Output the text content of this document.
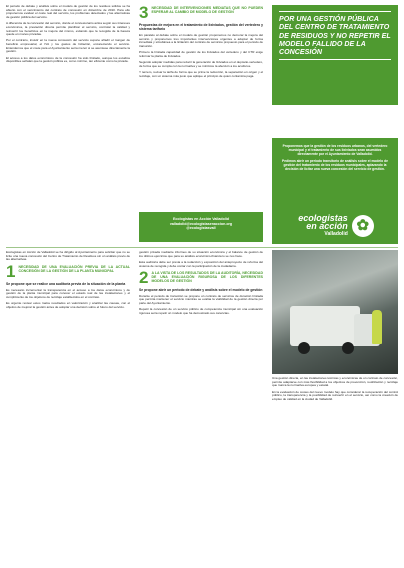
El periodo de debate y análisis sobre el modelo de gestión de los residuos sólidos se ha abierto con el vencimiento del contrato de concesión en diciembre de 2010. Para ello proponemos evaluar el coste real del servicio, los problemas detectados y las alternativas de gestión pública del servicio.

A diferencia de la concesión del servicio, donde el concesionario actúa según sus intereses económicos, la prestación directa permite planificar el servicio, controlar la calidad y reinvertir los beneficios en la mejora del mismo, evitando que la recogida de la basura quede en manos privadas.

Por el contrario, insistir en la nueva concesión del servicio supone añadir el margen de beneficio empresarial, el IVA y los gastos de licitación, encareciendo el servicio. Entendemos que el coste para el Ayuntamiento sería menor si se asumiese directamente la gestión.

El acceso a los datos económicos de la concesión ha sido limitado, aunque los estudios disponibles señalan que la gestión pública es, como mínimo, tan eficiente como la privada.

3 NECESIDAD DE INTERVENCIONES MEDIATAS QUE NO PUEDEN ESPERAR AL CAMBIO DE MODELO DE GESTIÓN
Propuestas de mejora en el tratamiento de lixiviados, gestión del vertedero y sistema tarifario

En paralelo al debate sobre el modelo de gestión proponemos no demorar la mejora del servicio y proponemos tres importantes intervenciones urgentes a adoptar de forma inmediata y simultánea a la licitación del contrato de servicios propuesto para el periodo de transición.

Primero la limitada capacidad de gestión de los lixiviados del vertedero y del CTR exige reformar la planta de lixiviados.

Segundo adoptar medidas para reducir la generación de lixiviados en el depósito-vertedero, de forma que se cumpla con la normativa y se minimice la afección a los acuíferos.

Y tercero, revisar la tarifa de forma que se prime la reducción, la separación en origen y el reciclaje, con un sistema más justo que aplique el principio de quien contamina paga.

Ecologistas en Acción Valladolid
valladolid@ecologistasenaccion.org
@ecologistasvall
POR UNA GESTIÓN PÚBLICA DEL CENTRO DE TRATAMIENTO DE RESIDUOS Y NO REPETIR EL MODELO FALLIDO DE LA CONCESIÓN

Proponemos que la gestión de los residuos urbanos, del vertedero municipal y el tratamiento de sus lixiviados sean asumidos directamente por el Ayuntamiento de Valladolid.

Pedimos abrir un periodo transitorio de análisis sobre el modelo de gestión del tratamiento de los residuos municipales, aplazando la decisión de licitar una nueva concesión del servicio de gestión.

ecologistas
en acción
Valladolid ✿

Ecologistas en Acción de Valladolid se ha dirigido al Ayuntamiento para solicitar que no se licite una nueva concesión del Centro de Tratamiento de Residuos sin un análisis previo de las alternativas.

1 NECESIDAD DE UNA EVALUACIÓN PREVIA DE LA ACTUAL CONCESIÓN DE LA GESTIÓN DE LA PLANTA MUNICIPAL
Se propone que se realice una auditoría previa de la situación de la planta

Es necesario incrementar la transparencia en el acceso a los datos económicos y de gestión de la planta municipal para conocer el estado real de las instalaciones y el cumplimiento de los objetivos de reciclaje establecidos en el contrato.

Es urgente revisar estos malos resultados en valorización y analizar las causas, con el objetivo de mejorar la gestión antes de adoptar una decisión sobre el futuro del servicio.

gestión privada mediante informes de su situación económica y el balance de gestión de los últimos ejercicios que para su análisis económico-financiero se nos hace.

Esta auditoría debe ser previa a la redacción y exposición del anteproyecto de reforma del sistema de recogida y debe contar con la participación de la ciudadanía.

2 A LA VISTA DE LOS RESULTADOS DE LA AUDITORÍA, NECESIDAD DE UNA EVALUACIÓN RIGUROSA DE LOS DIFERENTES MODELOS DE GESTIÓN
Se propone abrir un periodo de debate y análisis sobre el modelo de gestión

Durante el periodo de transición se propone un contrato de servicios de duración limitada que permita mantener el servicio mientras se evalúa la viabilidad de la gestión directa por parte del Ayuntamiento.

Repetir la concesión de un servicio público de competencia municipal sin una evaluación rigurosa sería repetir un modelo que ha demostrado sus carencias.

Una gestión directa, en las instalaciones técnicas y económicas de un contrato de concesión, permite adaptarse con más flexibilidad a los objetivos de prevención, reutilización y reciclaje que marca la normativa europea y estatal.

En la evaluación de costes del nuevo modelo hay que considerar la recuperación del control público, la transparencia y la posibilidad de reinvertir en el servicio, así como la creación de empleo de calidad en la ciudad de Valladolid.
